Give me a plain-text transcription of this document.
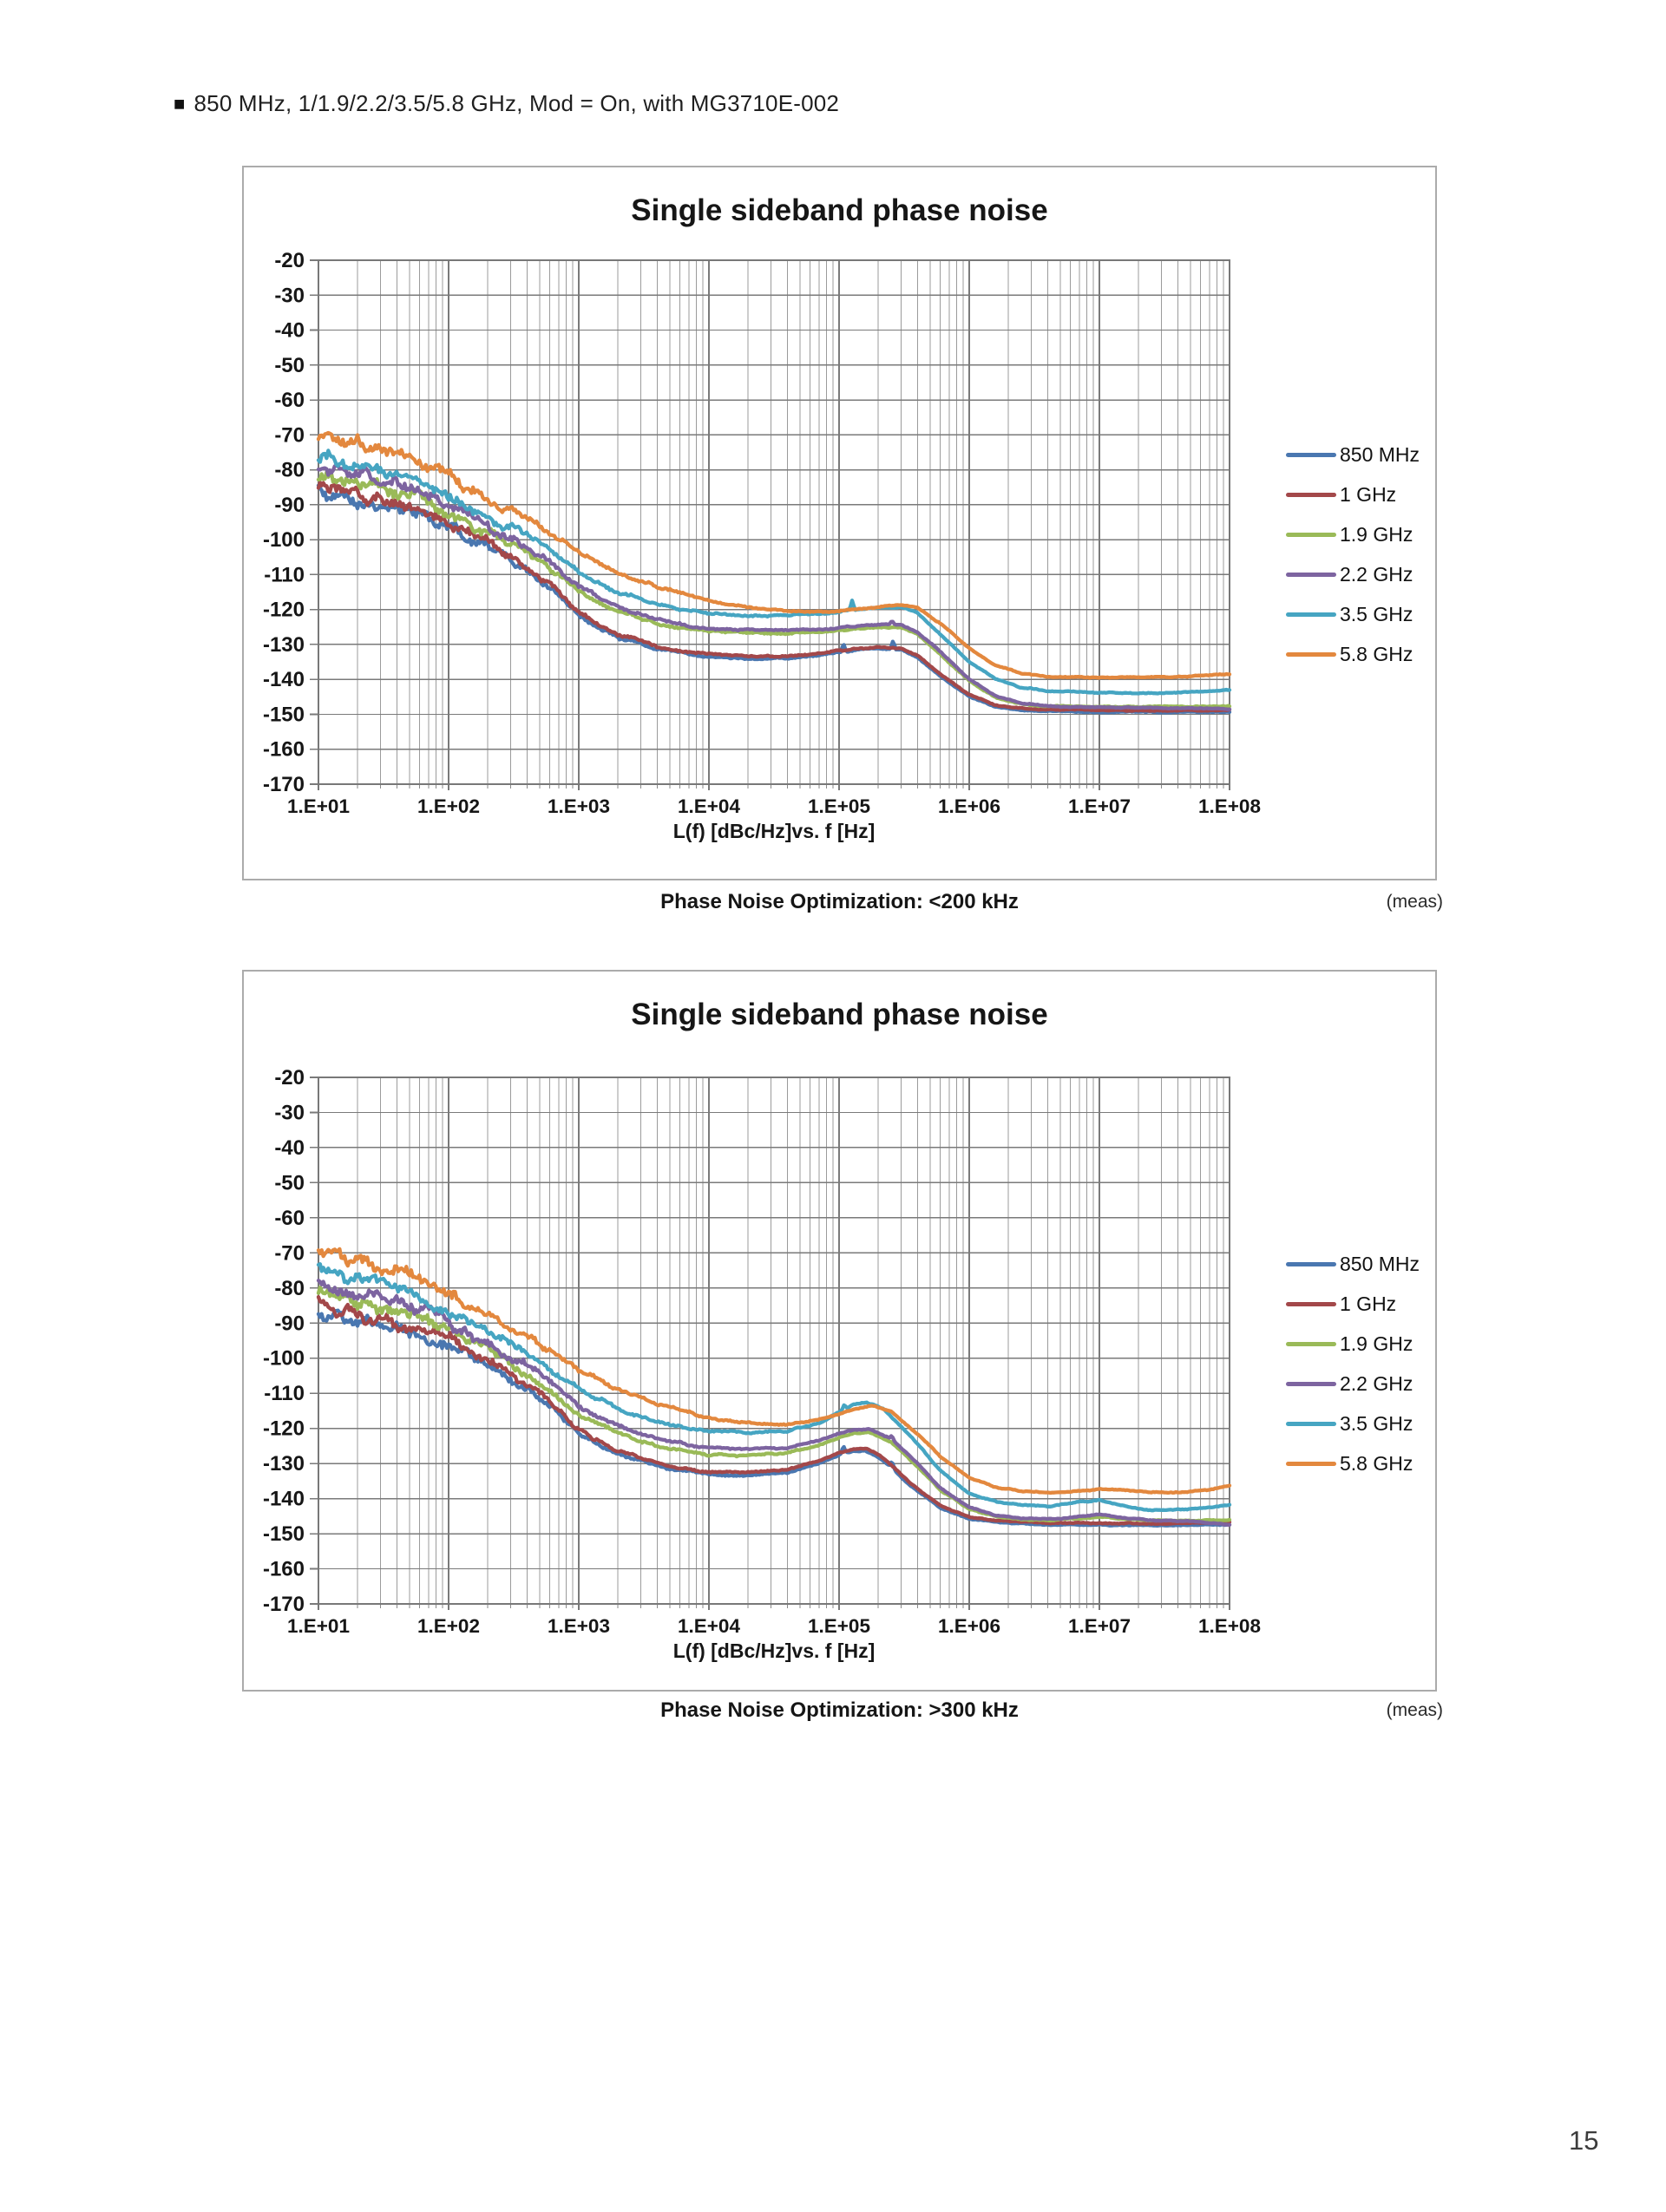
■ 850 MHz, 1/1.9/2.2/3.5/5.8 GHz, Mod = On, with MG3710E-002
Single sideband phase noise
-20
-30
-40
-50
-60
-70
-80
-90
-100
-110
-120
-130
-140
-150
-160
-170
1.E+01	1.E+02	1.E+03	1.E+04	1.E+05	1.E+06	1.E+07	1.E+08
L(f) [dBc/Hz]vs. f [Hz]
850 MHz
1 GHz
1.9 GHz
2.2 GHz
3.5 GHz
5.8 GHz
Phase Noise Optimization: <200 kHz	(meas)
Single sideband phase noise
-20
-30
-40
-50
-60
-70
-80
-90
-100
-110
-120
-130
-140
-150
-160
-170
1.E+01	1.E+02	1.E+03	1.E+04	1.E+05	1.E+06	1.E+07	1.E+08
L(f) [dBc/Hz]vs. f [Hz]
850 MHz
1 GHz
1.9 GHz
2.2 GHz
3.5 GHz
5.8 GHz
Phase Noise Optimization: >300 kHz	(meas)
15
